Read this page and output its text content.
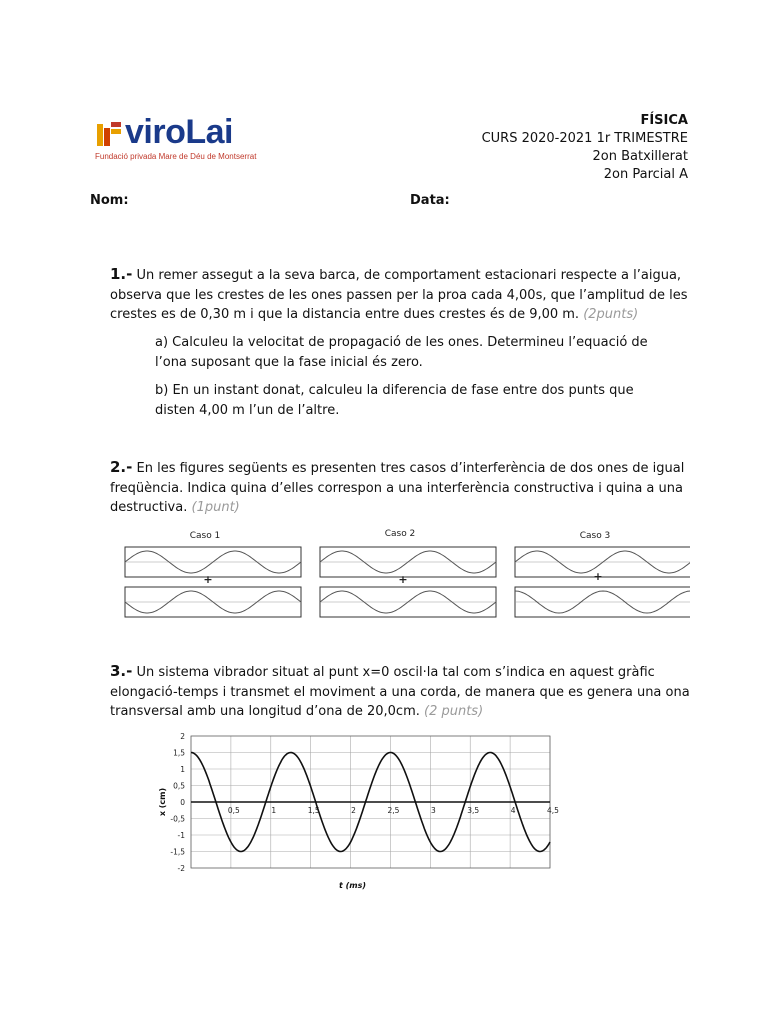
viroLai
Fundació privada Mare de Déu de Montserrat
FÍSICA
CURS 2020-2021 1r TRIMESTRE
2on Batxillerat
2on Parcial A
Nom:	Data:
1.- Un remer assegut a la seva barca, de comportament estacionari respecte a l’aigua, observa que les crestes de les ones passen per la proa cada 4,00s, que l’amplitud de les crestes es de 0,30 m i que la distancia entre dues crestes és de 9,00 m. (2punts)
a) Calculeu la velocitat de propagació de les ones. Determineu l’equació de l’ona suposant que la fase inicial és zero.
b) En un instant donat, calculeu la diferencia de fase entre dos punts que disten 4,00 m l’un de l’altre.
2.- En les figures següents es presenten tres casos d’interferència de dos ones de igual freqüència. Indica quina d’elles correspon a una interferència constructiva i quina a una destructiva. (1punt)
Caso 1
+
Caso 2
+
Caso 3
+
3.- Un sistema vibrador situat al punt x=0 oscil·la tal com s’indica en aquest gràfic elongació-temps i transmet el moviment a una corda, de manera que es genera una ona transversal amb una longitud d’ona de 20,0cm. (2 punts)
2
1,5
1
0,5
0
-0,5
-1
-1,5
-2
0,5	1	1,5	2	2,5	3	3,5	4	4,5
t (ms)
x (cm)
